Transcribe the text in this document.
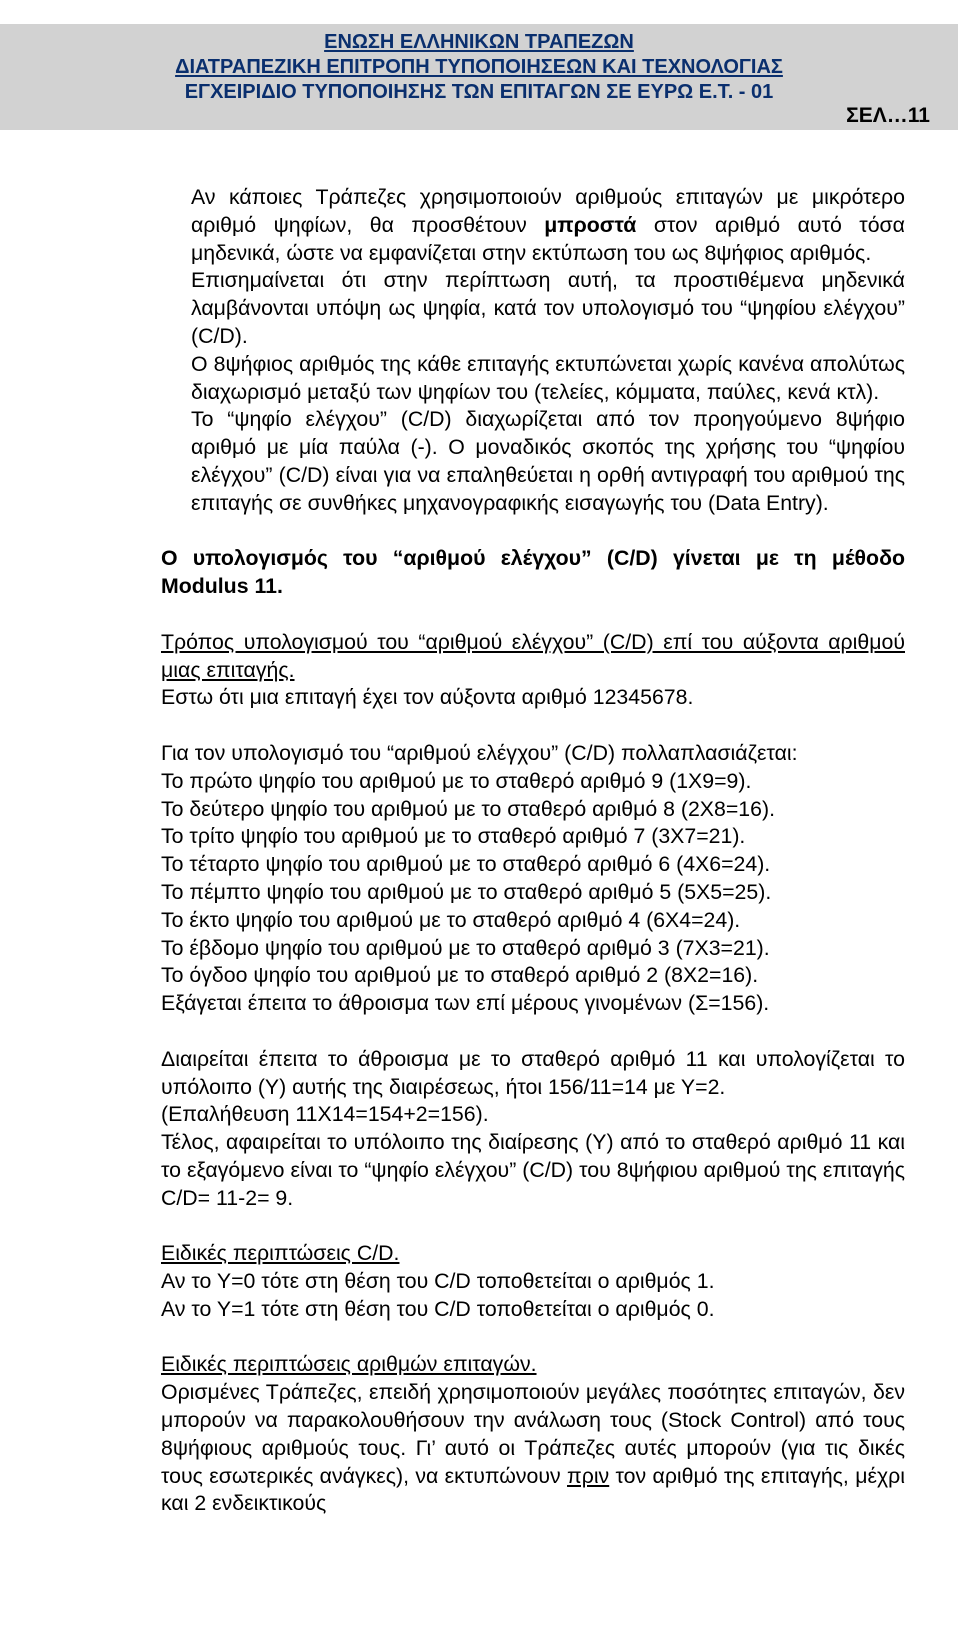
ΕΝΩΣΗ ΕΛΛΗΝΙΚΩΝ ΤΡΑΠΕΖΩΝ
ΔΙΑΤΡΑΠΕΖΙΚΗ ΕΠΙΤΡΟΠΗ ΤΥΠΟΠΟΙΗΣΕΩΝ ΚΑΙ ΤΕΧΝΟΛΟΓΙΑΣ
ΕΓΧΕΙΡΙΔΙΟ ΤΥΠΟΠΟΙΗΣΗΣ ΤΩΝ ΕΠΙΤΑΓΩΝ ΣΕ ΕΥΡΩ Ε.Τ. - 01
ΣΕΛ…11

Αν κάποιες Τράπεζες χρησιμοποιούν αριθμούς επιταγών με μικρότερο αριθμό ψηφίων, θα προσθέτουν μπροστά στον αριθμό αυτό τόσα μηδενικά, ώστε να εμφανίζεται στην εκτύπωση του ως 8ψήφιος αριθμός.

Επισημαίνεται ότι στην περίπτωση αυτή, τα προστιθέμενα μηδενικά λαμβάνονται υπόψη ως ψηφία, κατά τον υπολογισμό του “ψηφίου ελέγχου” (C/D).

Ο 8ψήφιος αριθμός της κάθε επιταγής εκτυπώνεται χωρίς κανένα απολύτως διαχωρισμό μεταξύ των ψηφίων του (τελείες, κόμματα, παύλες, κενά κτλ).

Το “ψηφίο ελέγχου” (C/D) διαχωρίζεται από τον προηγούμενο 8ψήφιο αριθμό με μία παύλα (-). Ο μοναδικός σκοπός της χρήσης του “ψηφίου ελέγχου” (C/D) είναι για να επαληθεύεται η ορθή αντιγραφή του αριθμού της επιταγής σε συνθήκες μηχανογραφικής εισαγωγής του (Data Entry).

Ο υπολογισμός του “αριθμού ελέγχου” (C/D) γίνεται με τη μέθοδο Modulus 11.

Τρόπος υπολογισμού του “αριθμού ελέγχου” (C/D) επί του αύξοντα αριθμού μιας επιταγής.

Εστω ότι μια επιταγή έχει τον αύξοντα αριθμό 12345678.

Για τον υπολογισμό του “αριθμού ελέγχου” (C/D) πολλαπλασιάζεται:

Το πρώτο ψηφίο του αριθμού με το σταθερό αριθμό 9 (1Χ9=9).

Το δεύτερο ψηφίο του αριθμού με το σταθερό αριθμό 8 (2Χ8=16).

Το τρίτο ψηφίο του αριθμού με το σταθερό αριθμό 7 (3Χ7=21).

Το τέταρτο ψηφίο του αριθμού με το σταθερό αριθμό 6 (4Χ6=24).

Το πέμπτο ψηφίο του αριθμού με το σταθερό αριθμό 5 (5Χ5=25).

Το έκτο ψηφίο του αριθμού με το σταθερό αριθμό 4 (6Χ4=24).

Το έβδομο ψηφίο του αριθμού με το σταθερό αριθμό 3 (7Χ3=21).

Το όγδοο ψηφίο του αριθμού με το σταθερό αριθμό 2 (8Χ2=16).

Εξάγεται έπειτα το άθροισμα των επί μέρους γινομένων (Σ=156).

Διαιρείται έπειτα το άθροισμα με το σταθερό αριθμό 11 και υπολογίζεται το υπόλοιπο (Υ) αυτής της διαιρέσεως, ήτοι 156/11=14 με Υ=2.

(Επαλήθευση 11Χ14=154+2=156).

Τέλος, αφαιρείται το υπόλοιπο της διαίρεσης (Υ) από το σταθερό αριθμό 11 και το εξαγόμενο είναι το “ψηφίο ελέγχου” (C/D) του 8ψήφιου αριθμού της επιταγής C/D= 11-2= 9.

Ειδικές περιπτώσεις C/D.

Αν το Υ=0 τότε στη θέση του C/D τοποθετείται ο αριθμός 1.

Αν το Υ=1 τότε στη θέση του C/D τοποθετείται ο αριθμός 0.

Ειδικές περιπτώσεις αριθμών επιταγών.

Ορισμένες Τράπεζες, επειδή χρησιμοποιούν μεγάλες ποσότητες επιταγών, δεν μπορούν να παρακολουθήσουν την ανάλωση τους (Stock Control) από τους 8ψήφιους αριθμούς τους. Γι’ αυτό οι Τράπεζες αυτές μπορούν (για τις δικές τους εσωτερικές ανάγκες), να εκτυπώνουν πριν τον αριθμό της επιταγής, μέχρι και 2 ενδεικτικούς
